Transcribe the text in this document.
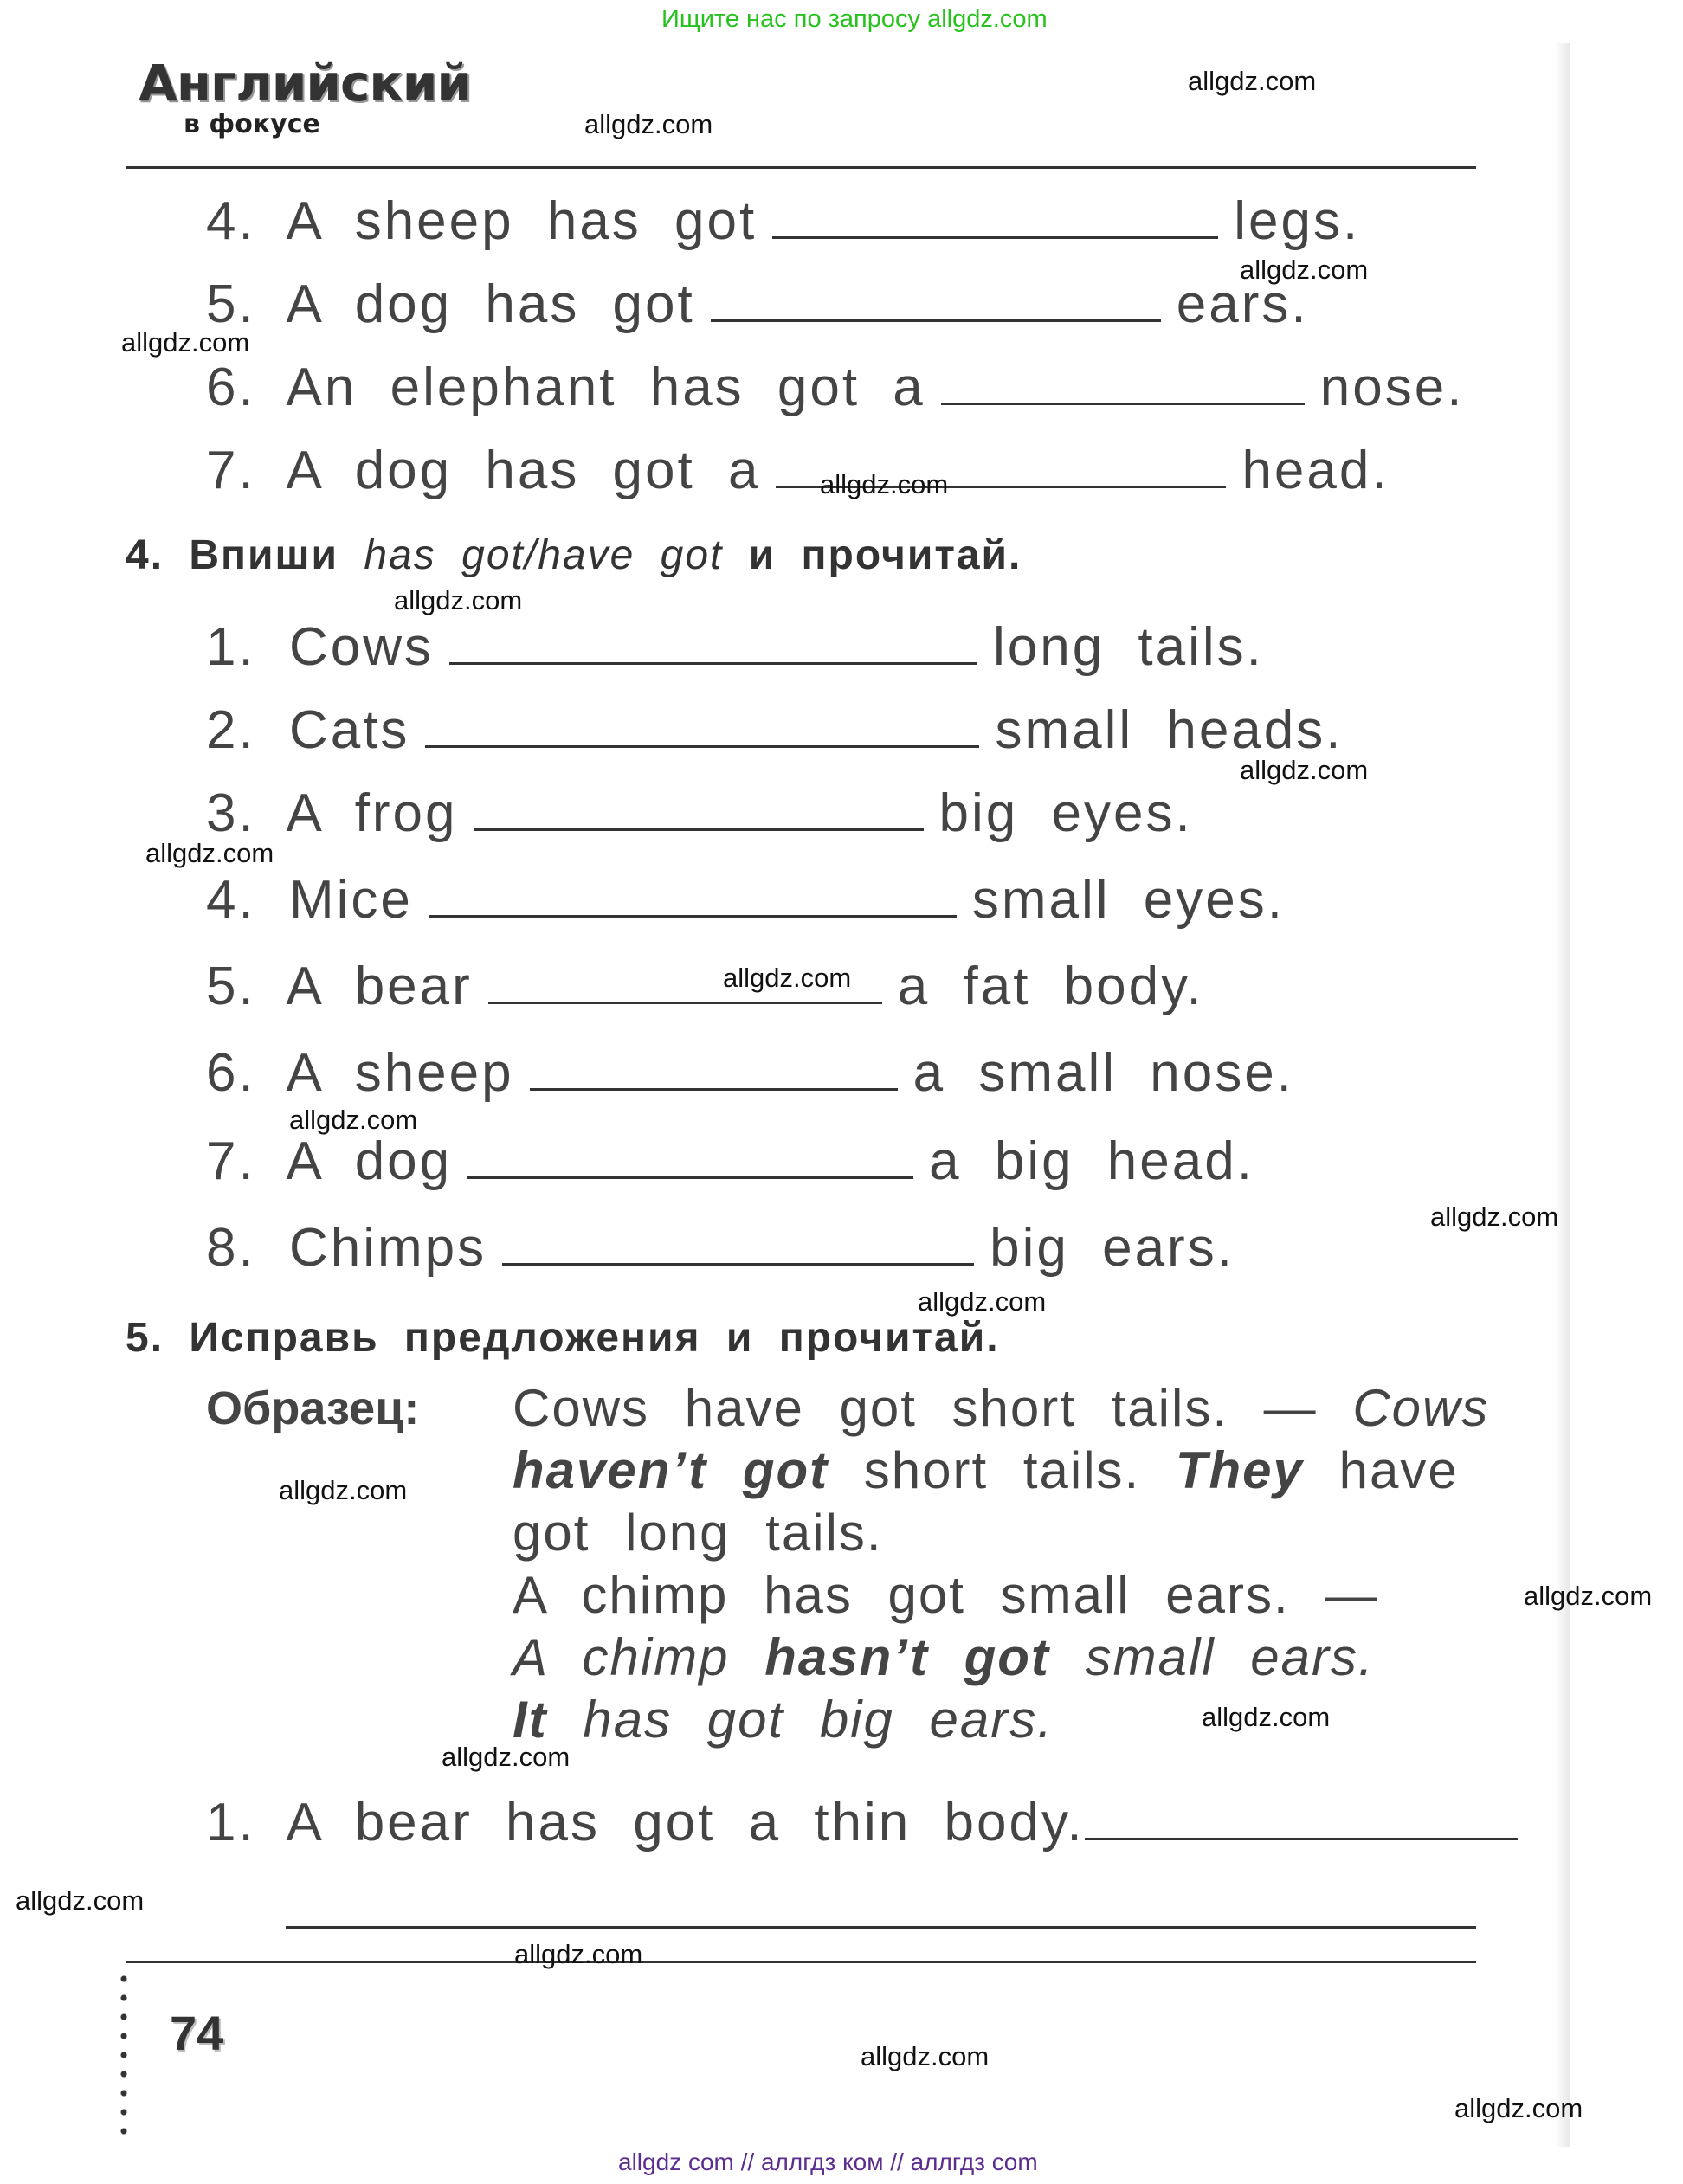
Ищите нас по запросу allgdz.com
allgdz com // аллгдз ком // аллгдз com
Английский
в фокусе
4. A sheep has got	legs.
5. A dog has got	ears.
6. An elephant has got a	nose.
7. A dog has got a	head.
4. Впиши has got/have got и прочитай.
1. Cows	long tails.
2. Cats	small heads.
3. A frog	big eyes.
4. Mice	small eyes.
5. A bear	a fat body.
6. A sheep	a small nose.
7. A dog	a big head.
8. Chimps	big ears.
5. Исправь предложения и прочитай.
Образец: Cows have got short tails. — Cows
haven’t got short tails. They have
got long tails.
A chimp has got small ears. —
A chimp hasn’t got small ears.
It has got big ears.
1. A bear has got a thin body.
74
allgdz.com
allgdz.com
allgdz.com
allgdz.com
allgdz.com
allgdz.com
allgdz.com
allgdz.com
allgdz.com
allgdz.com
allgdz.com
allgdz.com
allgdz.com
allgdz.com
allgdz.com
allgdz.com
allgdz.com
allgdz.com
allgdz.com
allgdz.com
